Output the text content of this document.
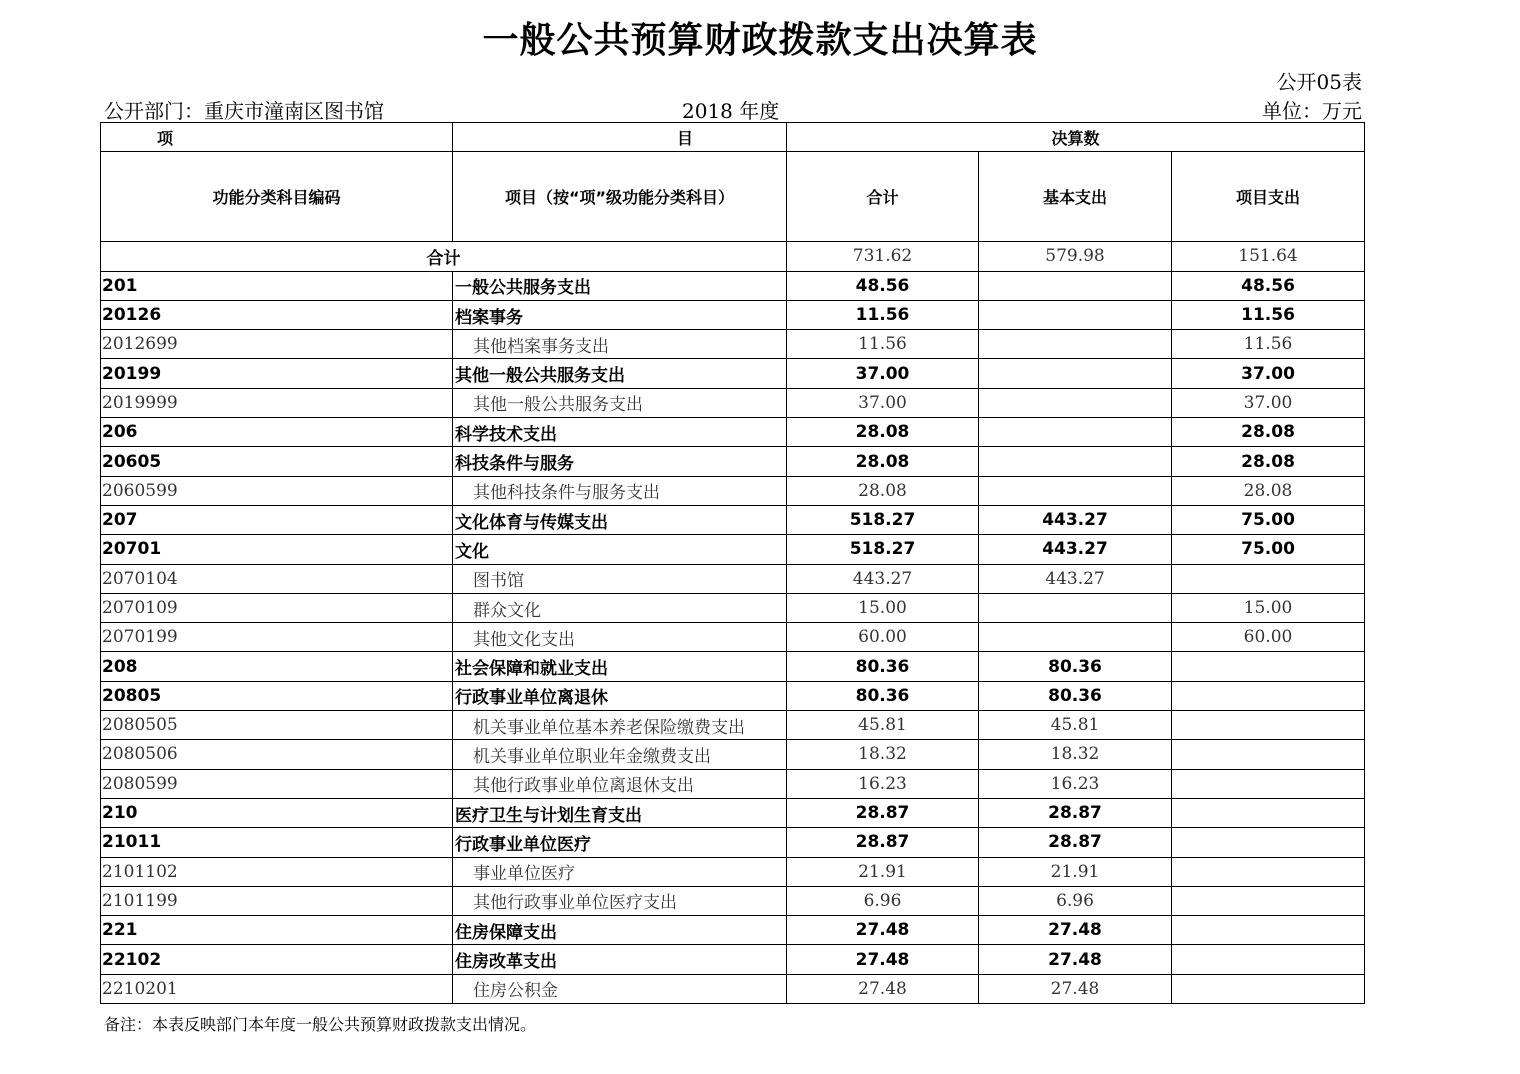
一般公共预算财政拨款支出决算表
公开05表
公开部门：重庆市潼南区图书馆	2018 年度	单位：万元
项	目	决算数		
功能分类科目编码	项目（按“项”级功能分类科目）	合计	基本支出	项目支出
合计		731.62	579.98	151.64
201	一般公共服务支出	48.56		48.56
20126	档案事务	11.56		11.56
2012699	其他档案事务支出	11.56		11.56
20199	其他一般公共服务支出	37.00		37.00
2019999	其他一般公共服务支出	37.00		37.00
206	科学技术支出	28.08		28.08
20605	科技条件与服务	28.08		28.08
2060599	其他科技条件与服务支出	28.08		28.08
207	文化体育与传媒支出	518.27	443.27	75.00
20701	文化	518.27	443.27	75.00
2070104	图书馆	443.27	443.27	
2070109	群众文化	15.00		15.00
2070199	其他文化支出	60.00		60.00
208	社会保障和就业支出	80.36	80.36	
20805	行政事业单位离退休	80.36	80.36	
2080505	机关事业单位基本养老保险缴费支出	45.81	45.81	
2080506	机关事业单位职业年金缴费支出	18.32	18.32	
2080599	其他行政事业单位离退休支出	16.23	16.23	
210	医疗卫生与计划生育支出	28.87	28.87	
21011	行政事业单位医疗	28.87	28.87	
2101102	事业单位医疗	21.91	21.91	
2101199	其他行政事业单位医疗支出	6.96	6.96	
221	住房保障支出	27.48	27.48	
22102	住房改革支出	27.48	27.48	
2210201	住房公积金	27.48	27.48	
备注：本表反映部门本年度一般公共预算财政拨款支出情况。
